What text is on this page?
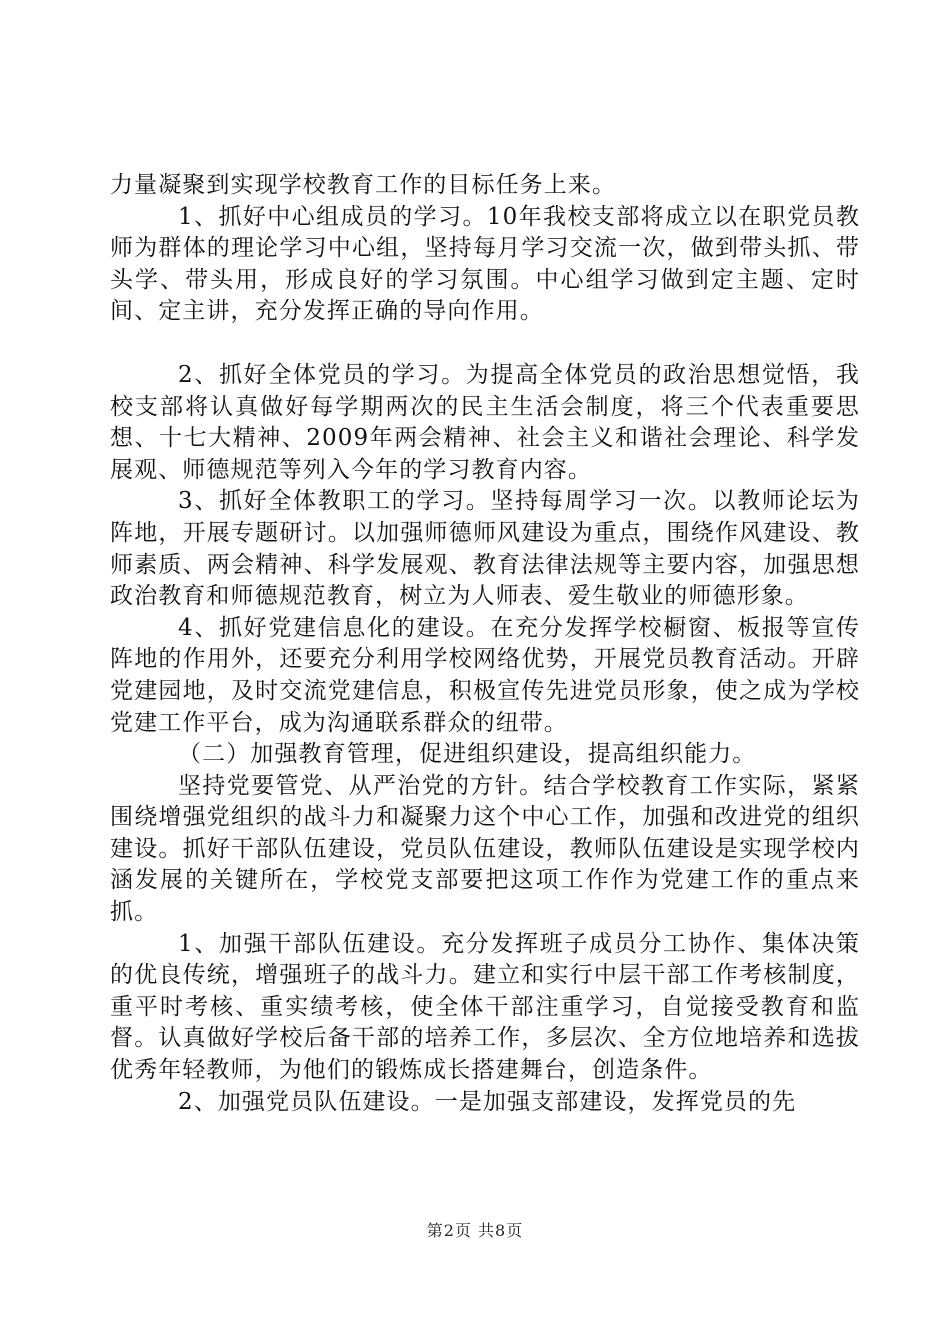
力量凝聚到实现学校教育工作的目标任务上来。

1、抓好中心组成员的学习。10年我校支部将成立以在职党员教师为群体的理论学习中心组，坚持每月学习交流一次，做到带头抓、带头学、带头用，形成良好的学习氛围。中心组学习做到定主题、定时间、定主讲，充分发挥正确的导向作用。

2、抓好全体党员的学习。为提高全体党员的政治思想觉悟，我校支部将认真做好每学期两次的民主生活会制度，将三个代表重要思想、十七大精神、2009年两会精神、社会主义和谐社会理论、科学发展观、师德规范等列入今年的学习教育内容。

3、抓好全体教职工的学习。坚持每周学习一次。以教师论坛为阵地，开展专题研讨。以加强师德师风建设为重点，围绕作风建设、教师素质、两会精神、科学发展观、教育法律法规等主要内容，加强思想政治教育和师德规范教育，树立为人师表、爱生敬业的师德形象。

4、抓好党建信息化的建设。在充分发挥学校橱窗、板报等宣传阵地的作用外，还要充分利用学校网络优势，开展党员教育活动。开辟党建园地，及时交流党建信息，积极宣传先进党员形象，使之成为学校党建工作平台，成为沟通联系群众的纽带。

（二）加强教育管理，促进组织建设，提高组织能力。

坚持党要管党、从严治党的方针。结合学校教育工作实际，紧紧围绕增强党组织的战斗力和凝聚力这个中心工作，加强和改进党的组织建设。抓好干部队伍建设，党员队伍建设，教师队伍建设是实现学校内涵发展的关键所在，学校党支部要把这项工作作为党建工作的重点来抓。

1、加强干部队伍建设。充分发挥班子成员分工协作、集体决策的优良传统，增强班子的战斗力。建立和实行中层干部工作考核制度，重平时考核、重实绩考核，使全体干部注重学习，自觉接受教育和监督。认真做好学校后备干部的培养工作，多层次、全方位地培养和选拔优秀年轻教师，为他们的锻炼成长搭建舞台，创造条件。

2、加强党员队伍建设。一是加强支部建设，发挥党员的先

第2页 共8页
